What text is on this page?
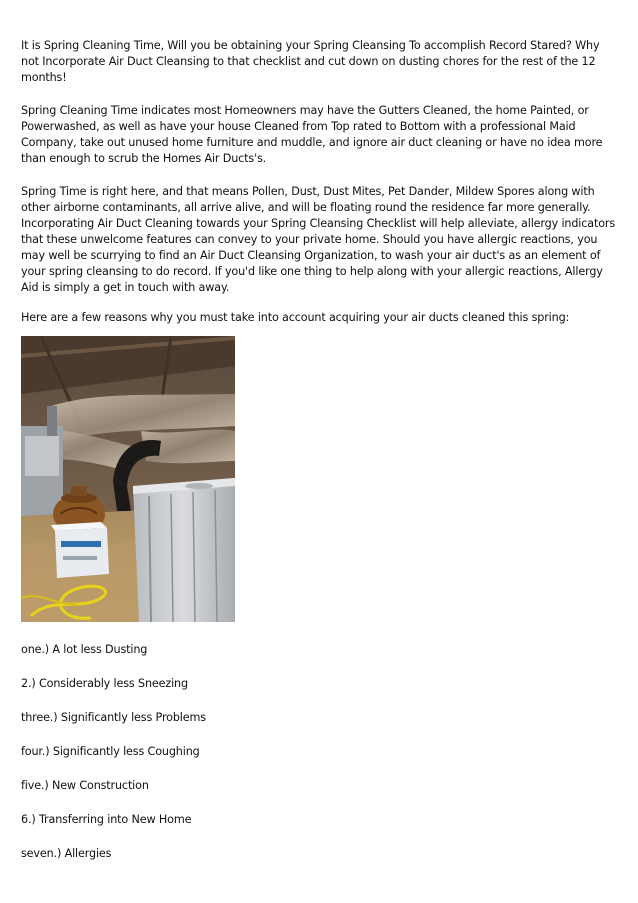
It is Spring Cleaning Time, Will you be obtaining your Spring Cleansing To accomplish Record Stared? Why not Incorporate Air Duct Cleansing to that checklist and cut down on dusting chores for the rest of the 12 months!

Spring Cleaning Time indicates most Homeowners may have the Gutters Cleaned, the home Painted, or Powerwashed, as well as have your house Cleaned from Top rated to Bottom with a professional Maid Company, take out unused home furniture and muddle, and ignore air duct cleaning or have no idea more than enough to scrub the Homes Air Ducts's.

Spring Time is right here, and that means Pollen, Dust, Dust Mites, Pet Dander, Mildew Spores along with other airborne contaminants, all arrive alive, and will be floating round the residence far more generally. Incorporating Air Duct Cleaning towards your Spring Cleansing Checklist will help alleviate, allergy indicators that these unwelcome features can convey to your private home. Should you have allergic reactions, you may well be scurrying to find an Air Duct Cleansing Organization, to wash your air duct's as an element of your spring cleansing to do record. If you'd like one thing to help along with your allergic reactions, Allergy Aid is simply a get in touch with away.

Here are a few reasons why you must take into account acquiring your air ducts cleaned this spring:

one.) A lot less Dusting

2.) Considerably less Sneezing

three.) Significantly less Problems

four.) Significantly less Coughing

five.) New Construction

6.) Transferring into New Home

seven.) Allergies
